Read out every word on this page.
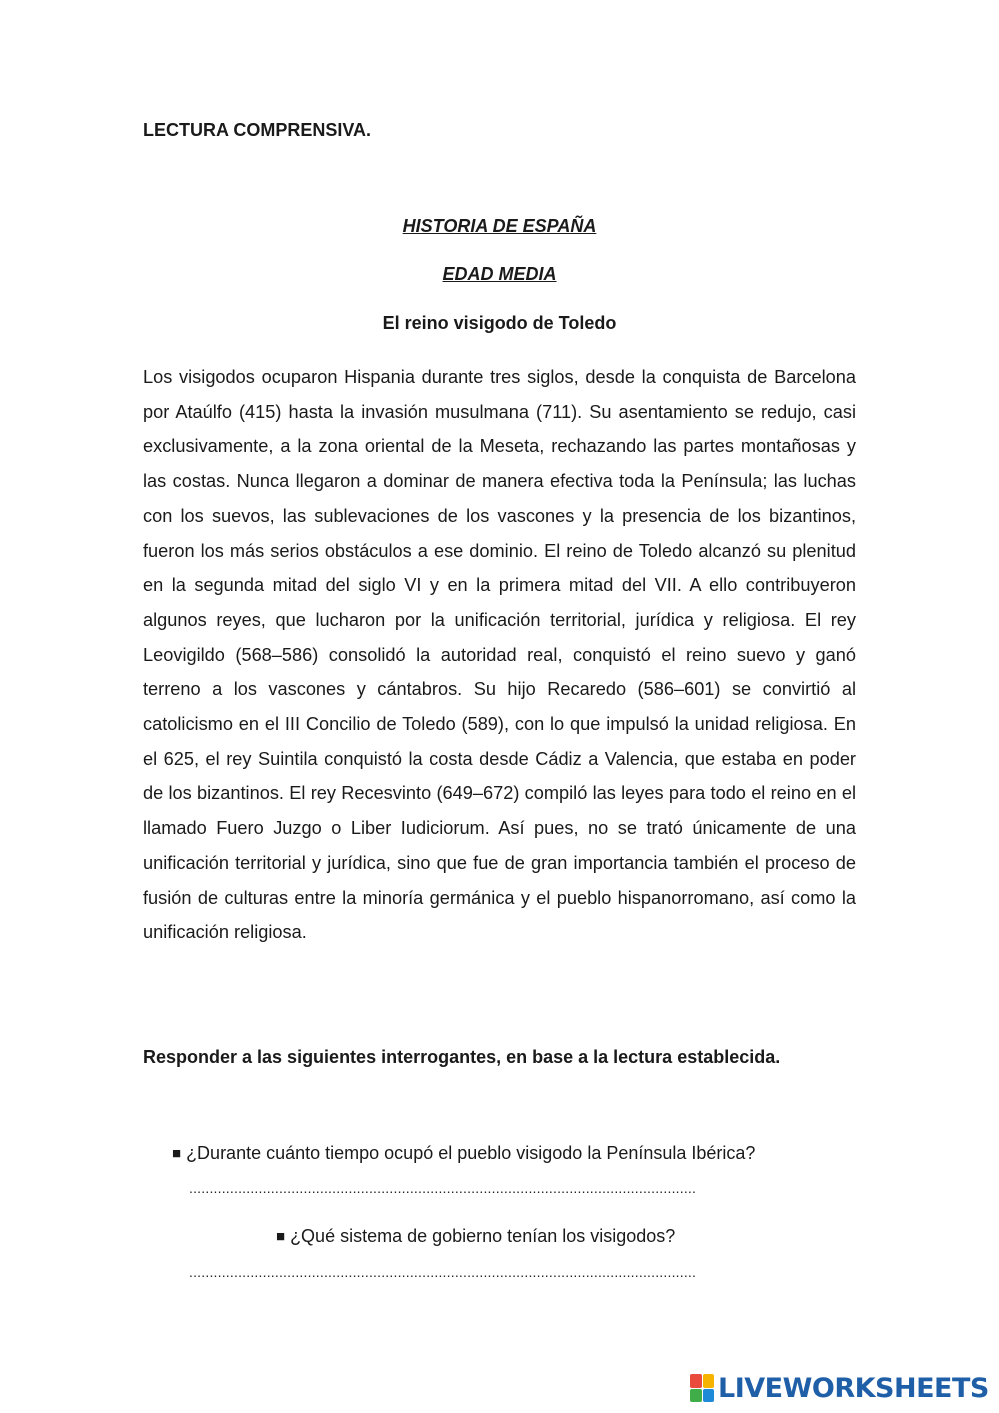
LECTURA COMPRENSIVA.
HISTORIA DE ESPAÑA
EDAD MEDIA
El reino visigodo de Toledo

Los visigodos ocuparon Hispania durante tres siglos, desde la conquista de Barcelona por Ataúlfo (415) hasta la invasión musulmana (711). Su asentamiento se redujo, casi exclusivamente, a la zona oriental de la Meseta, rechazando las partes montañosas y las costas. Nunca llegaron a dominar de manera efectiva toda la Península; las luchas con los suevos, las sublevaciones de los vascones y la presencia de los bizantinos, fueron los más serios obstáculos a ese dominio. El reino de Toledo alcanzó su plenitud en la segunda mitad del siglo VI y en la primera mitad del VII. A ello contribuyeron algunos reyes, que lucharon por la unificación territorial, jurídica y religiosa. El rey Leovigildo (568–586) consolidó la autoridad real, conquistó el reino suevo y ganó terreno a los vascones y cántabros. Su hijo Recaredo (586–601) se convirtió al catolicismo en el III Concilio de Toledo (589), con lo que impulsó la unidad religiosa. En el 625, el rey Suintila conquistó la costa desde Cádiz a Valencia, que estaba en poder de los bizantinos. El rey Recesvinto (649–672) compiló las leyes para todo el reino en el llamado Fuero Juzgo o Liber Iudiciorum. Así pues, no se trató únicamente de una unificación territorial y jurídica, sino que fue de gran importancia también el proceso de fusión de culturas entre la minoría germánica y el pueblo hispanorromano, así como la unificación religiosa.

Responder a las siguientes interrogantes, en base a la lectura establecida.
■ ¿Durante cuánto tiempo ocupó el pueblo visigodo la Península Ibérica?
............................................................................................................................
■ ¿Qué sistema de gobierno tenían los visigodos?
............................................................................................................................
LIVEWORKSHEETS
